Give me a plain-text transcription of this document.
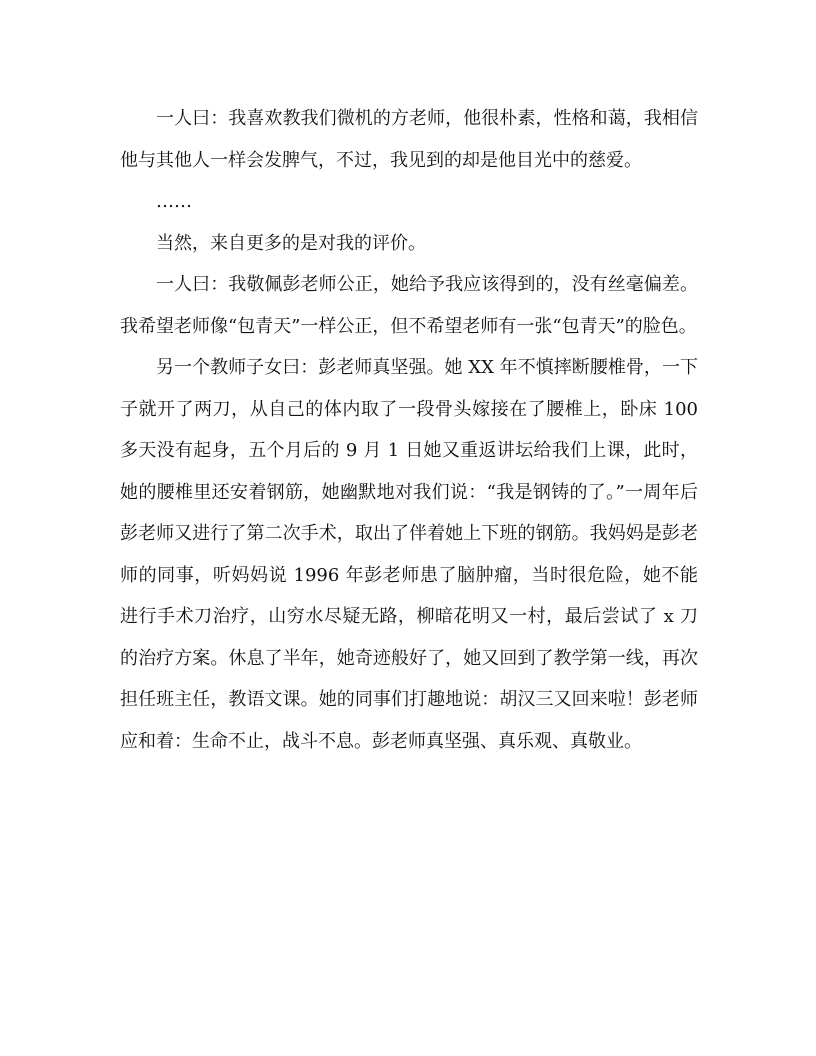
一人曰：我喜欢教我们微机的方老师，他很朴素，性格和蔼，我相信他与其他人一样会发脾气，不过，我见到的却是他目光中的慈爱。

……

当然，来自更多的是对我的评价。

一人曰：我敬佩彭老师公正，她给予我应该得到的，没有丝毫偏差。我希望老师像“包青天”一样公正，但不希望老师有一张“包青天”的脸色。

另一个教师子女曰：彭老师真坚强。她 XX 年不慎摔断腰椎骨，一下子就开了两刀，从自己的体内取了一段骨头嫁接在了腰椎上，卧床 100 多天没有起身，五个月后的 9 月 1 日她又重返讲坛给我们上课，此时，她的腰椎里还安着钢筋，她幽默地对我们说：“我是钢铸的了。”一周年后彭老师又进行了第二次手术，取出了伴着她上下班的钢筋。我妈妈是彭老师的同事，听妈妈说 1996 年彭老师患了脑肿瘤，当时很危险，她不能进行手术刀治疗，山穷水尽疑无路，柳暗花明又一村，最后尝试了 x 刀的治疗方案。休息了半年，她奇迹般好了，她又回到了教学第一线，再次担任班主任，教语文课。她的同事们打趣地说：胡汉三又回来啦！彭老师应和着：生命不止，战斗不息。彭老师真坚强、真乐观、真敬业。
